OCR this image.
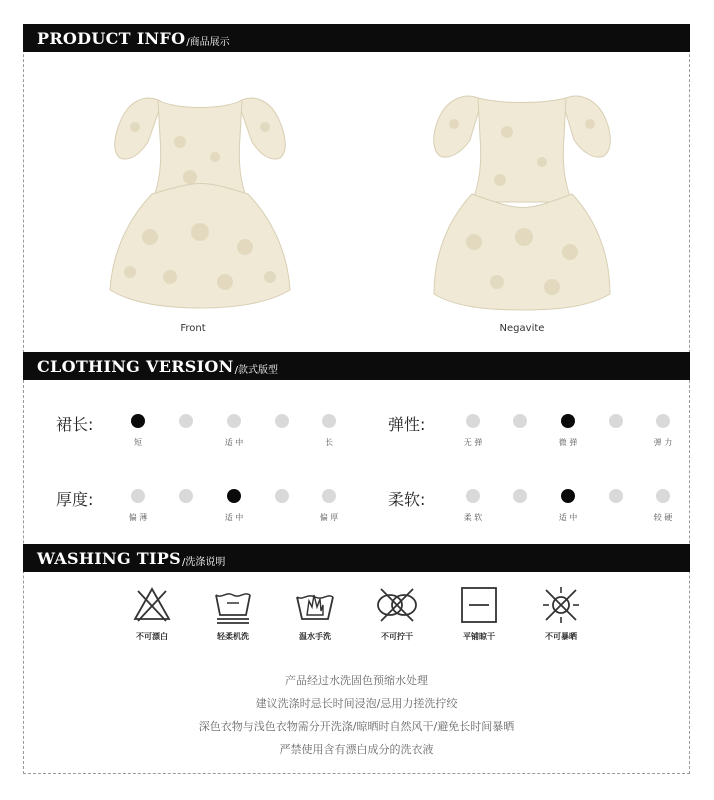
PRODUCT INFO /商品展示
Front	Negavite
CLOTHING VERSION /款式版型
裙长:
短	适 中	长
弹性:
无 弹	微 弹	弹 力
厚度:
偏 薄	适 中	偏 厚
柔软:
柔 软	适 中	较 硬
WASHING TIPS /洗涤说明
不可漂白	轻柔机洗	温水手洗	不可拧干	平铺晾干	不可暴晒
产品经过水洗固色预缩水处理
建议洗涤时忌长时间浸泡/忌用力搓洗拧绞
深色衣物与浅色衣物需分开洗涤/晾晒时自然风干/避免长时间暴晒
严禁使用含有漂白成分的洗衣液
